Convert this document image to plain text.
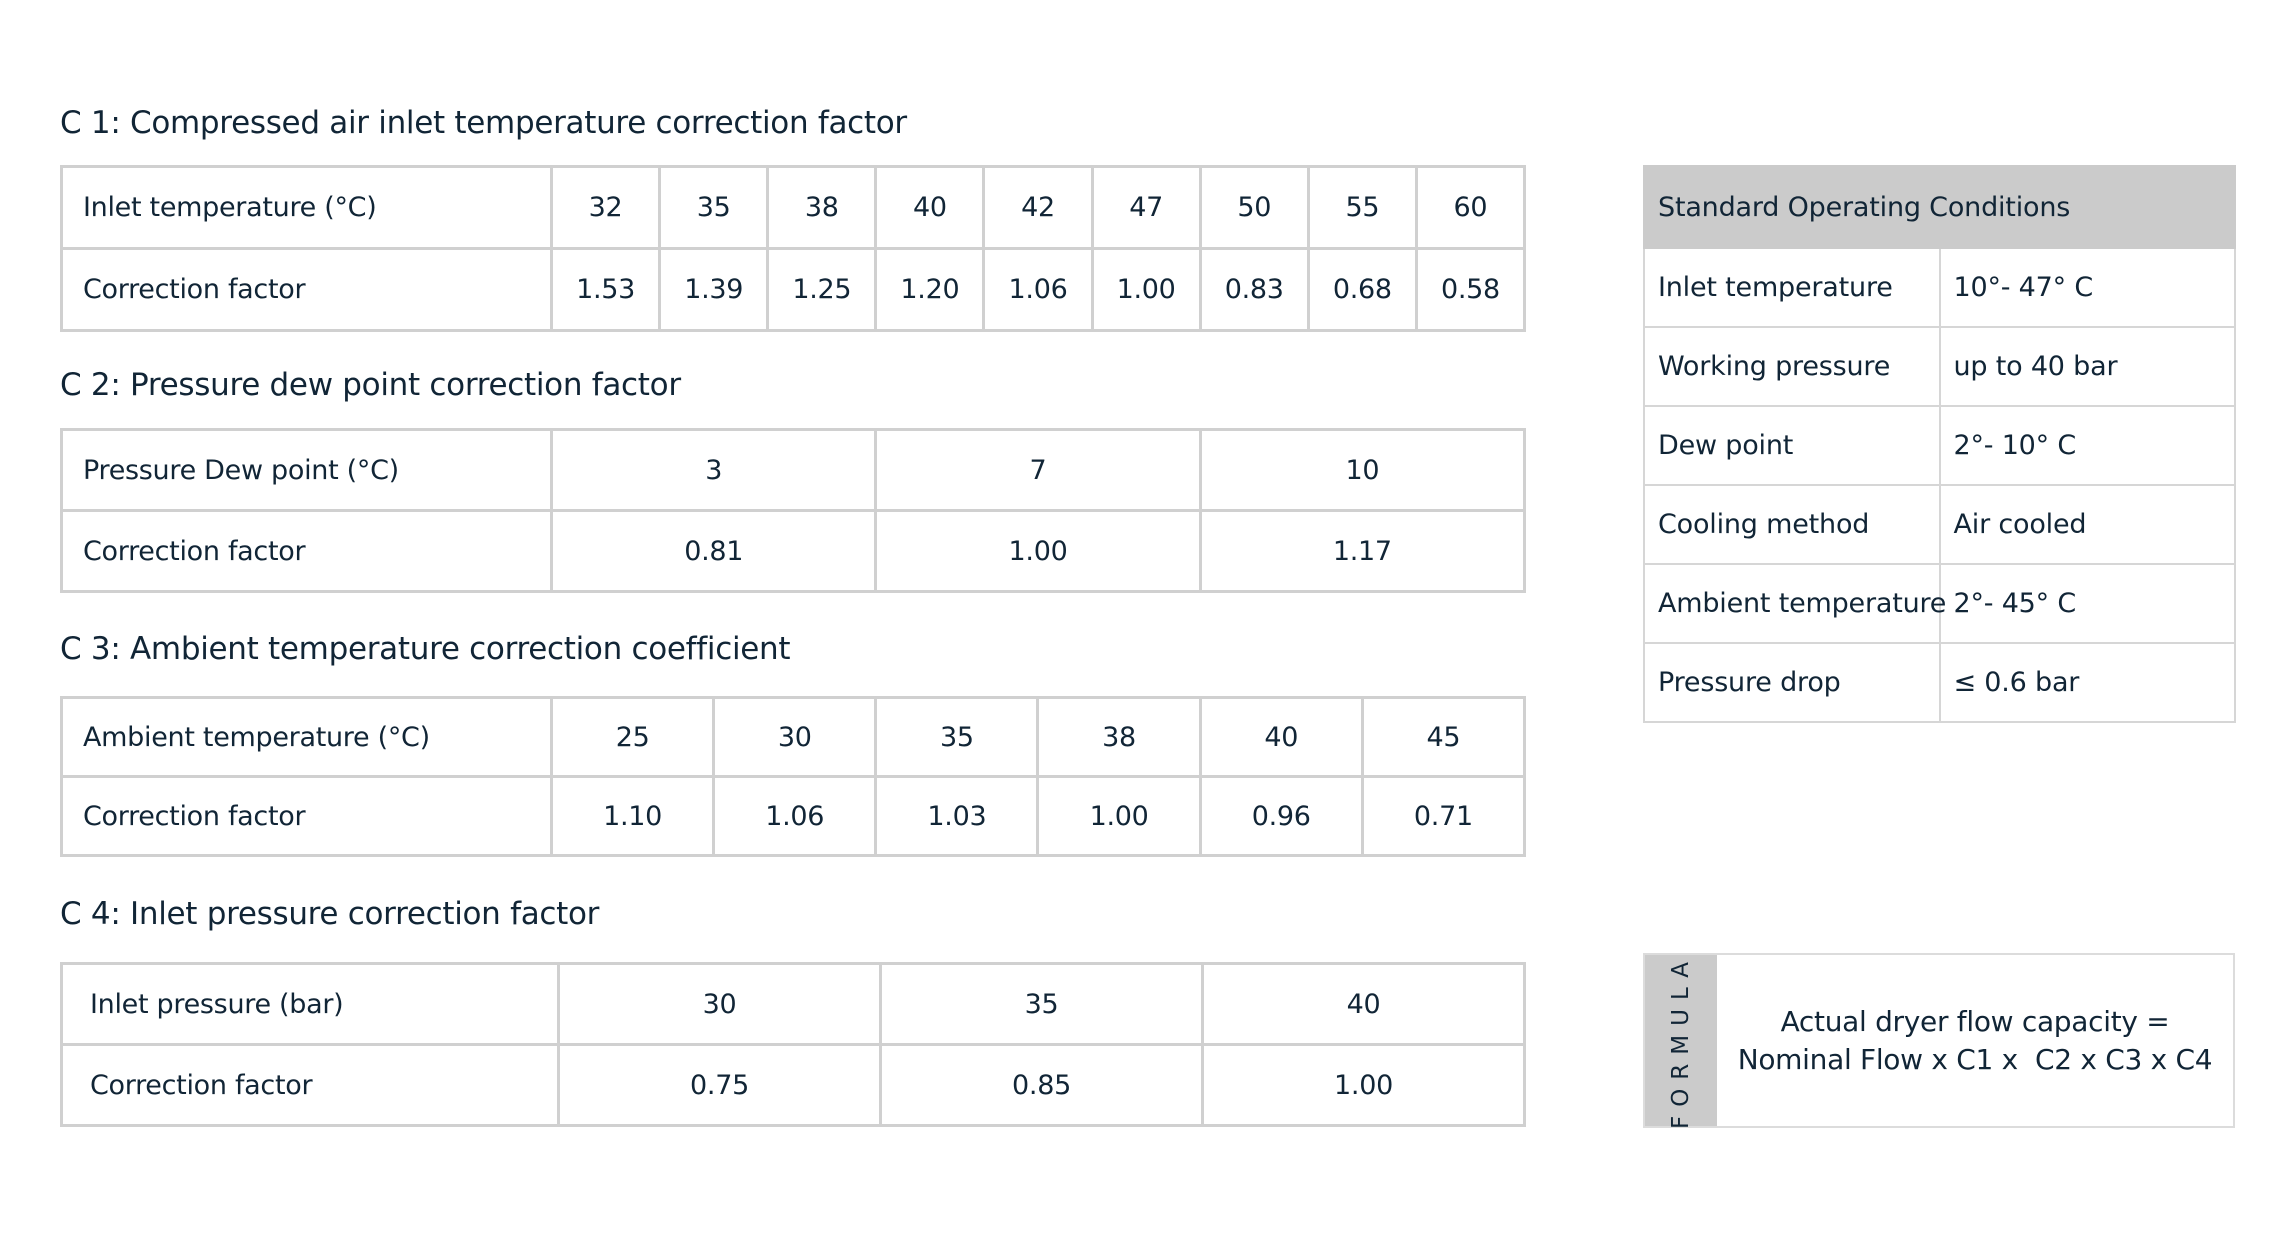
C 1: Compressed air inlet temperature correction factor
Inlet temperature (°C)	32	35	38	40	42	47	50	55	60
Correction factor	1.53	1.39	1.25	1.20	1.06	1.00	0.83	0.68	0.58
C 2: Pressure dew point correction factor
Pressure Dew point (°C)	3	7	10
Correction factor	0.81	1.00	1.17
C 3: Ambient temperature correction coefficient
Ambient temperature (°C)	25	30	35	38	40	45
Correction factor	1.10	1.06	1.03	1.00	0.96	0.71
C 4: Inlet pressure correction factor
Inlet pressure (bar)	30	35	40
Correction factor	0.75	0.85	1.00
Standard Operating Conditions	
Inlet temperature	10°- 47° C
Working pressure	up to 40 bar
Dew point	2°- 10° C
Cooling method	Air cooled
Ambient temperature	2°- 45° C
Pressure drop	≤ 0.6 bar
FORMULA	Actual dryer flow capacity =
Nominal Flow x C1 x  C2 x C3 x C4
